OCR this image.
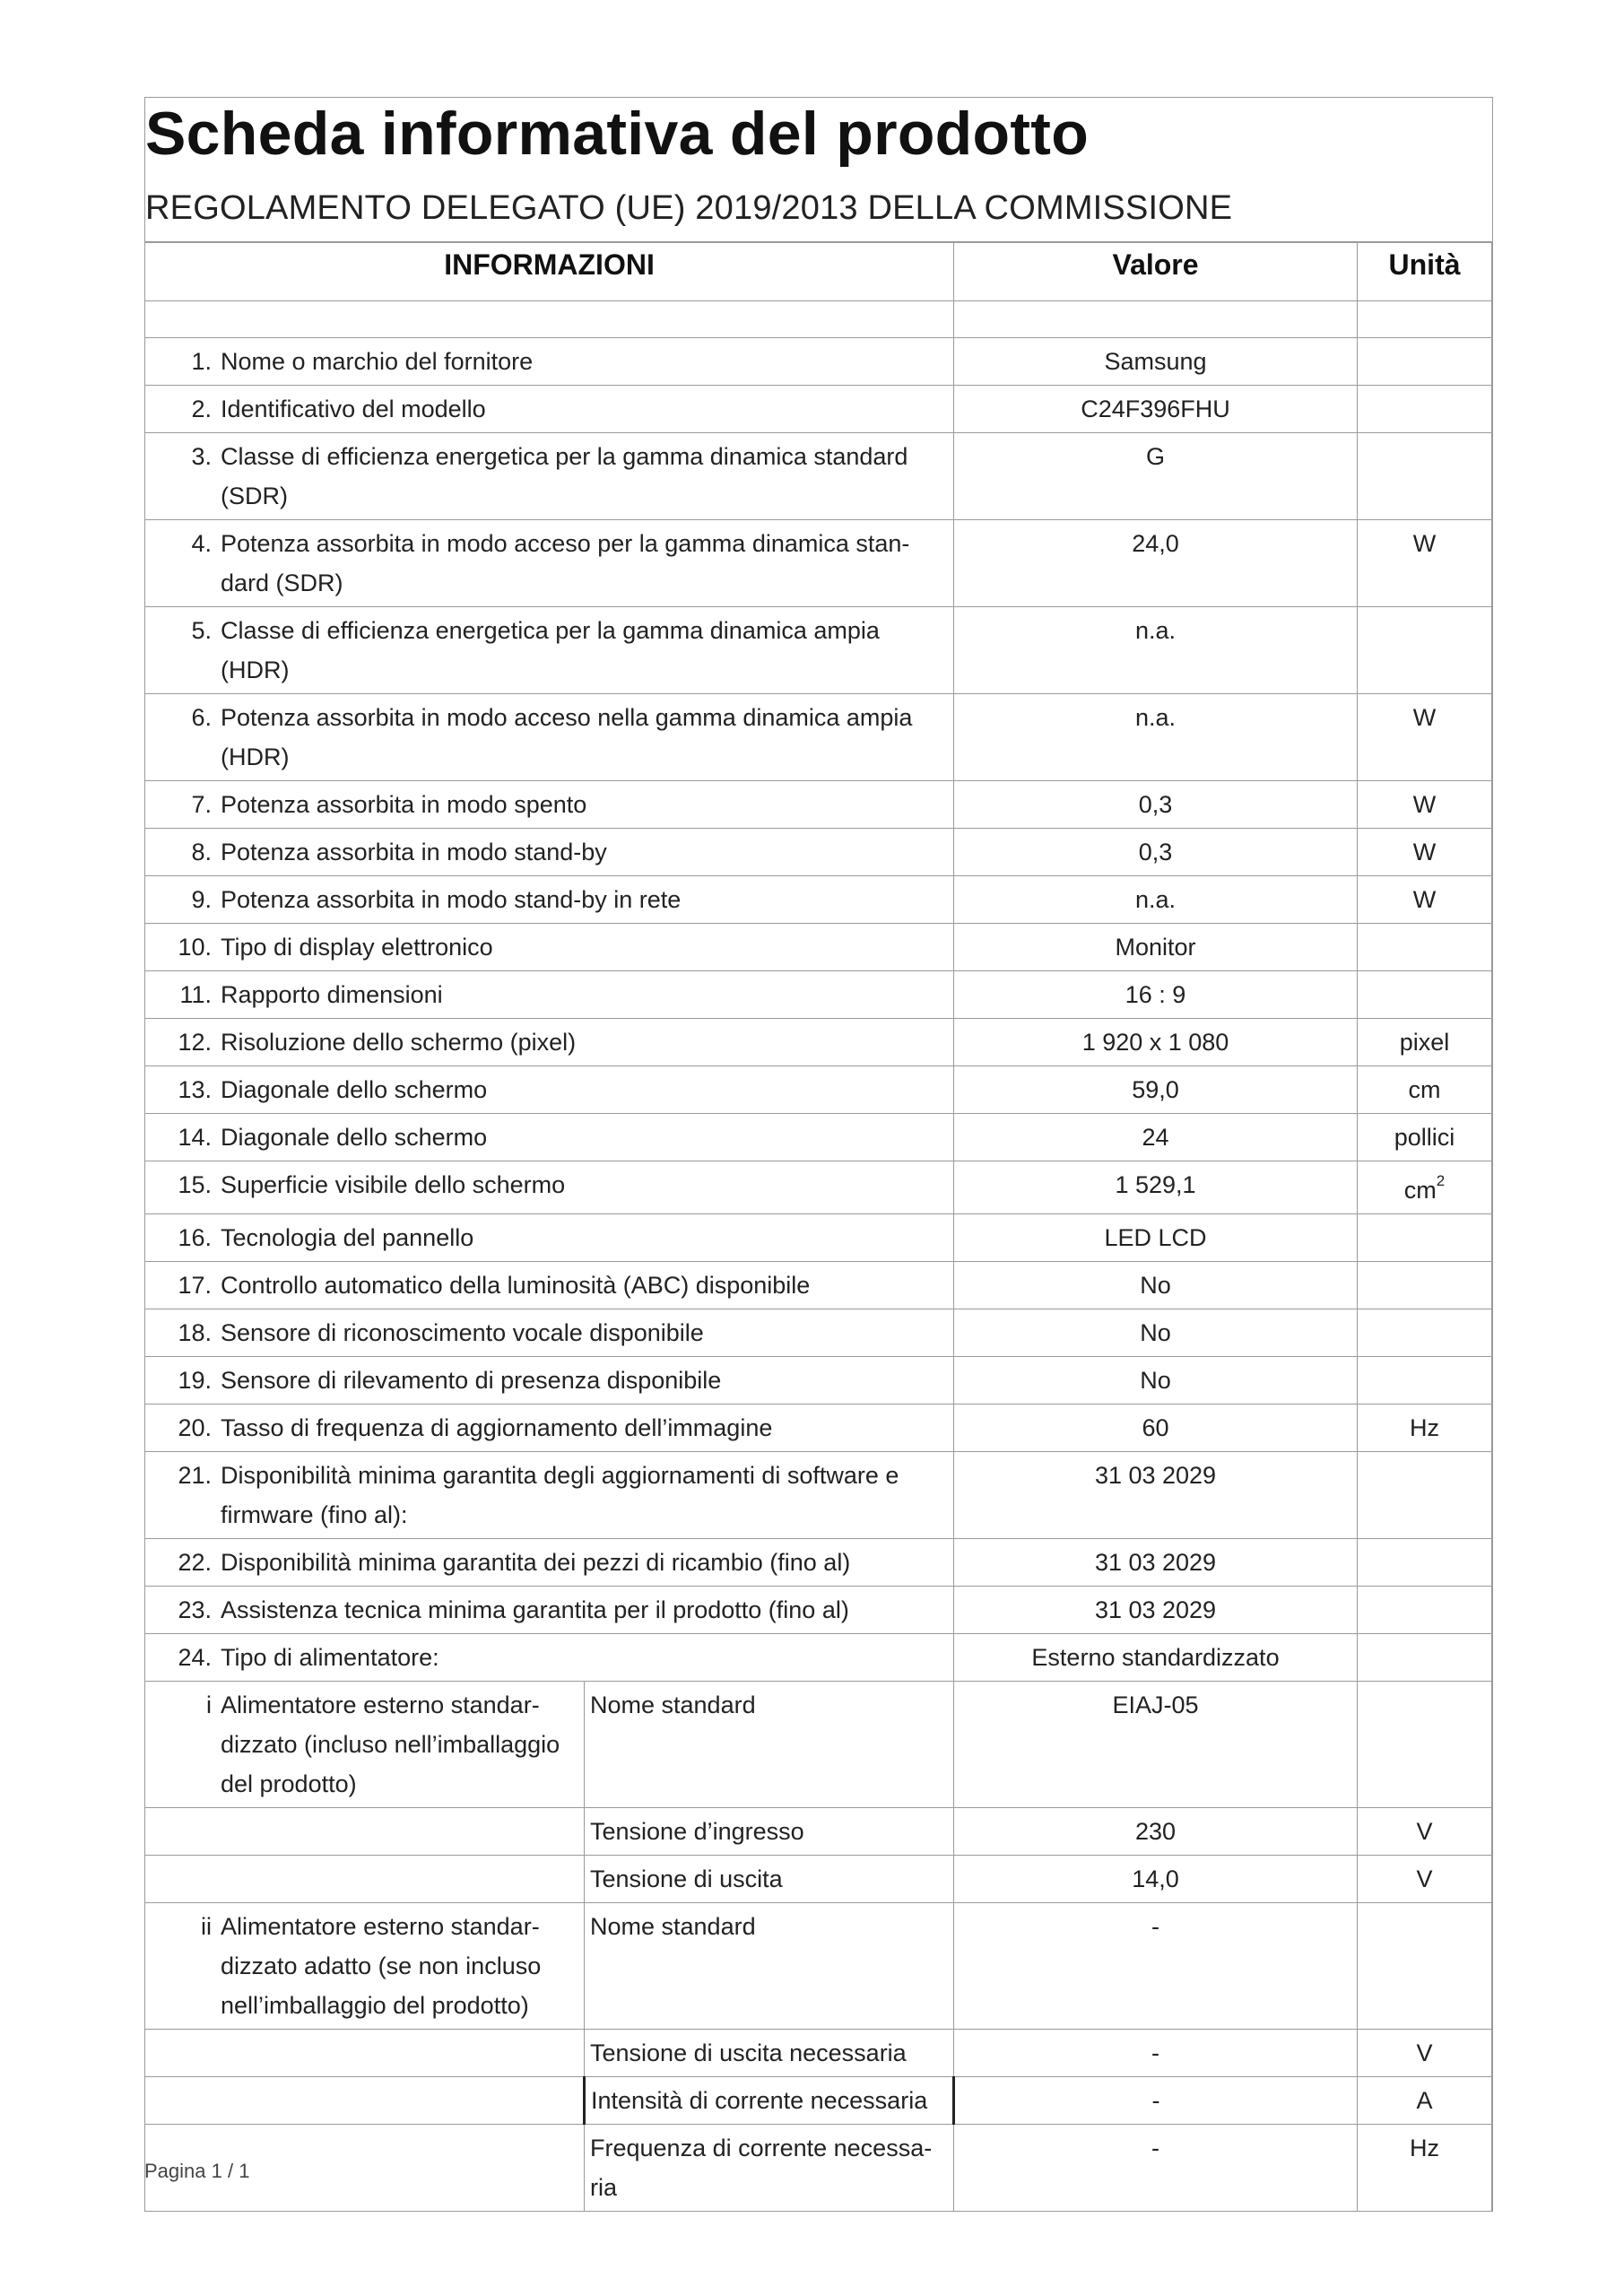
Scheda informativa del prodotto
REGOLAMENTO DELEGATO (UE) 2019/2013 DELLA COMMISSIONE
INFORMAZIONI		Valore	Unità

1. Nome o marchio del fornitore		Samsung	

2. Identificativo del modello		C24F396FHU	

3. Classe di efficienza energetica per la gamma dinamica standard (SDR)		G	

4. Potenza assorbita in modo acceso per la gamma dinamica stan-dard (SDR)		24,0	W

5. Classe di efficienza energetica per la gamma dinamica ampia (HDR)		n.a.	

6. Potenza assorbita in modo acceso nella gamma dinamica ampia (HDR)		n.a.	W

7. Potenza assorbita in modo spento		0,3	W

8. Potenza assorbita in modo stand-by		0,3	W

9. Potenza assorbita in modo stand-by in rete		n.a.	W

10. Tipo di display elettronico		Monitor	

11. Rapporto dimensioni		16 : 9	

12. Risoluzione dello schermo (pixel)		1 920 x 1 080	pixel

13. Diagonale dello schermo		59,0	cm

14. Diagonale dello schermo		24	pollici

15. Superficie visibile dello schermo		1 529,1	$cm^2$

16. Tecnologia del pannello		LED LCD	

17. Controllo automatico della luminosità (ABC) disponibile		No	

18. Sensore di riconoscimento vocale disponibile		No	

19. Sensore di rilevamento di presenza disponibile		No	

20. Tasso di frequenza di aggiornamento dell’immagine		60	Hz

21. Disponibilità minima garantita degli aggiornamenti di software e firmware (fino al):		31 03 2029	

22. Disponibilità minima garantita dei pezzi di ricambio (fino al)		31 03 2029	

23. Assistenza tecnica minima garantita per il prodotto (fino al)		31 03 2029	

24. Tipo di alimentatore:		Esterno standardizzato	

i Alimentatore esterno standar-dizzato (incluso nell’imballaggio del prodotto)	Nome standard	EIAJ-05	
	Tensione d’ingresso	230	V
	Tensione di uscita	14,0	V

ii Alimentatore esterno standar-dizzato adatto (se non incluso nell’imballaggio del prodotto)	Nome standard	-	
	Tensione di uscita necessaria	-	V
	Intensità di corrente necessaria	-	A
	Frequenza di corrente necessa-ria	-	Hz
Pagina 1 / 1
